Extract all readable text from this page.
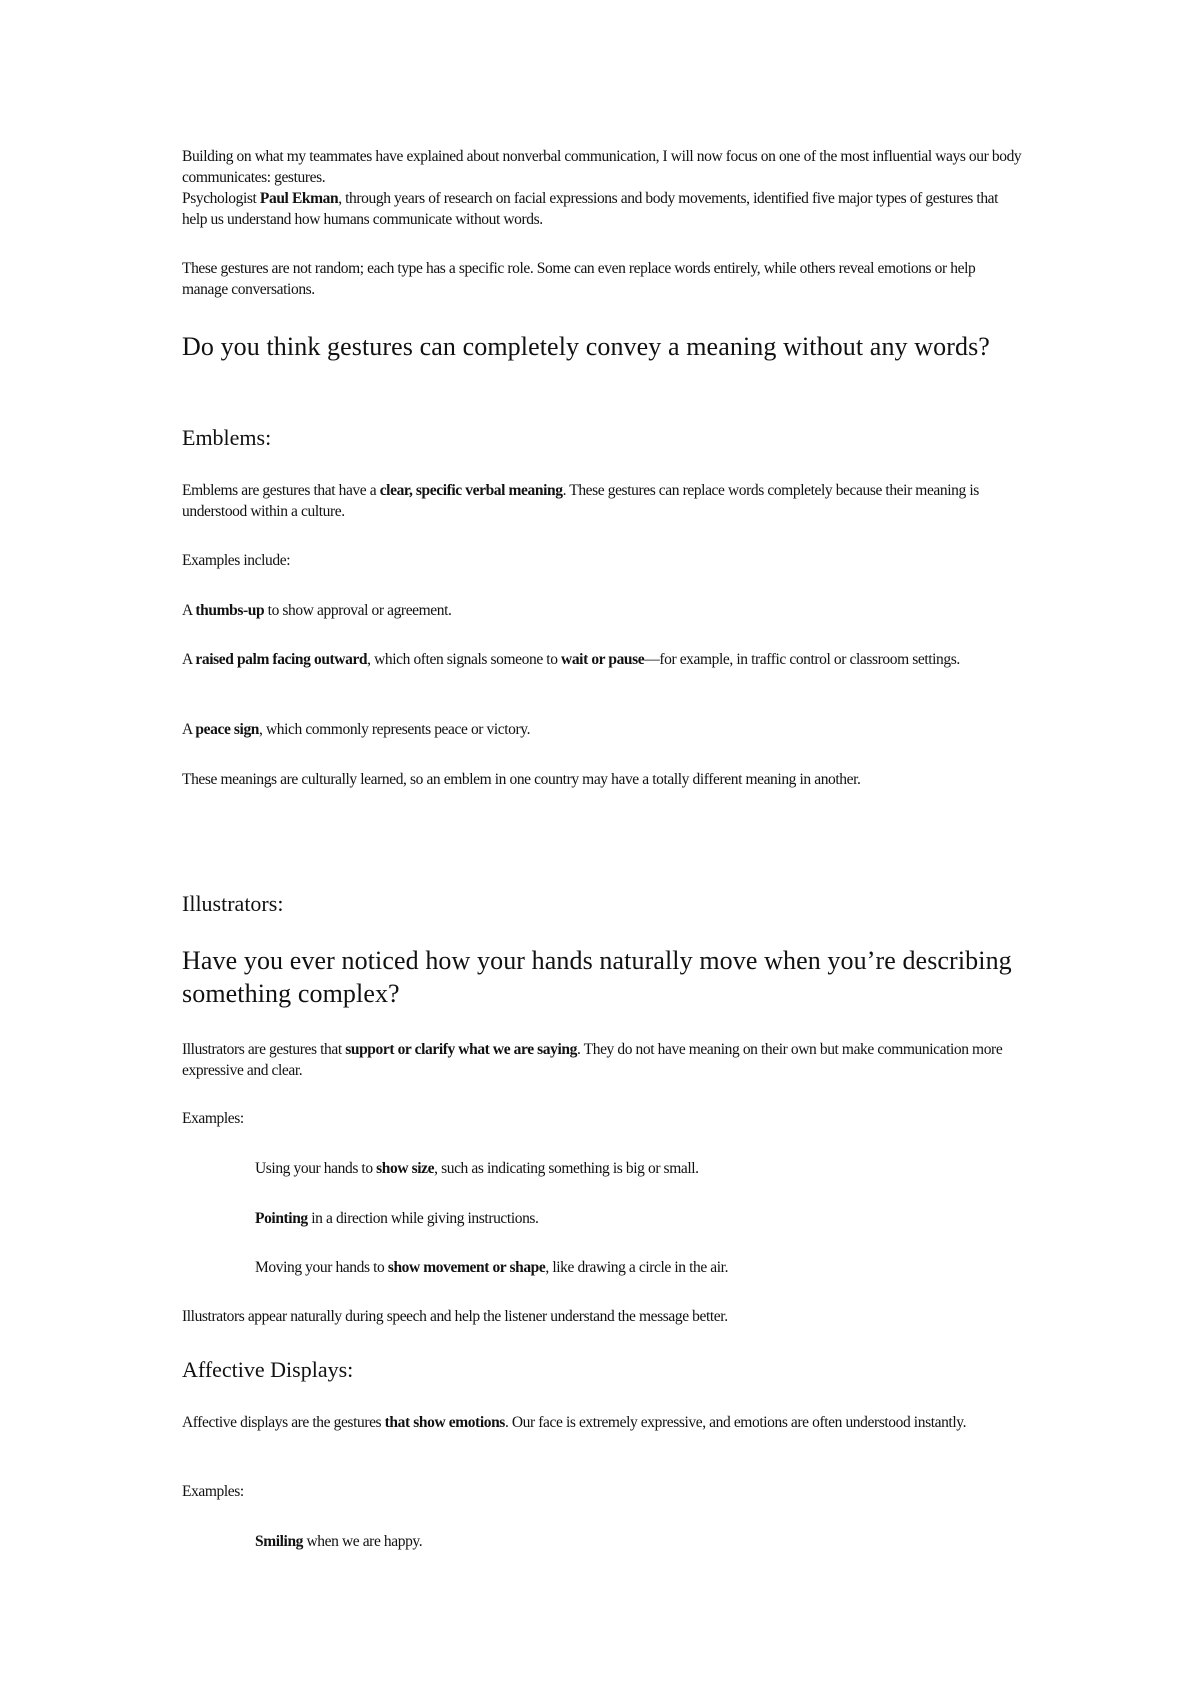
Building on what my teammates have explained about nonverbal communication, I will now focus on one of the most influential ways our body communicates: gestures.
Psychologist Paul Ekman, through years of research on facial expressions and body movements, identified five major types of gestures that help us understand how humans communicate without words.

These gestures are not random; each type has a specific role. Some can even replace words entirely, while others reveal emotions or help manage conversations.

Do you think gestures can completely convey a meaning without any words?
Emblems:

Emblems are gestures that have a clear, specific verbal meaning. These gestures can replace words completely because their meaning is understood within a culture.

Examples include:

A thumbs-up to show approval or agreement.

A raised palm facing outward, which often signals someone to wait or pause—for example, in traffic control or classroom settings.

A peace sign, which commonly represents peace or victory.

These meanings are culturally learned, so an emblem in one country may have a totally different meaning in another.

Illustrators:
Have you ever noticed how your hands naturally move when you’re describing something complex?

Illustrators are gestures that support or clarify what we are saying. They do not have meaning on their own but make communication more expressive and clear.

Examples:

Using your hands to show size, such as indicating something is big or small.

Pointing in a direction while giving instructions.

Moving your hands to show movement or shape, like drawing a circle in the air.

Illustrators appear naturally during speech and help the listener understand the message better.

Affective Displays:

Affective displays are the gestures that show emotions. Our face is extremely expressive, and emotions are often understood instantly.

Examples:

Smiling when we are happy.
